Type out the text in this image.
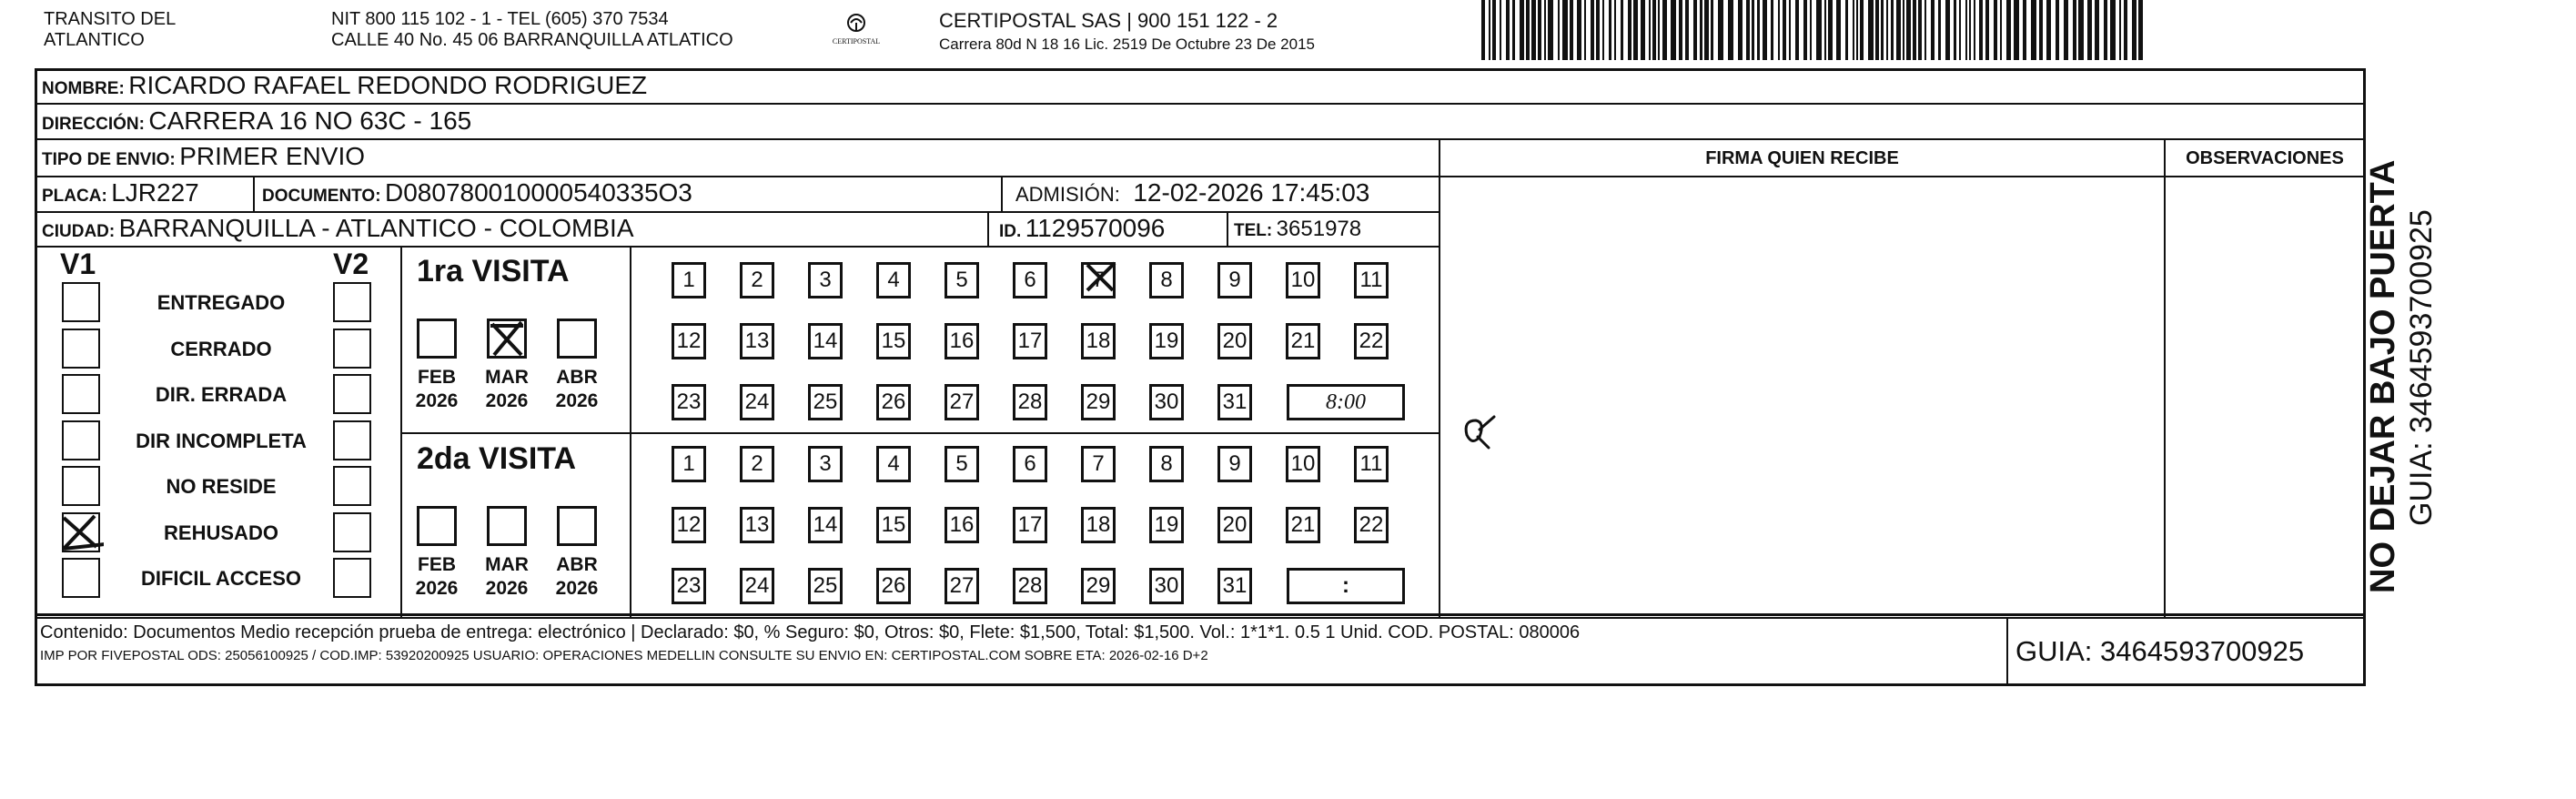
TRANSITO DEL
ATLANTICO
NIT 800 115 102 - 1 - TEL (605) 370 7534
CALLE 40 No. 45 06 BARRANQUILLA ATLATICO	CERTIPOSTAL
CERTIPOSTAL SAS | 900 151 122 - 2
Carrera 80d N 18 16 Lic. 2519 De Octubre 23 De 2015
NOMBRE: RICARDO RAFAEL REDONDO RODRIGUEZ
DIRECCIÓN: CARRERA 16 NO 63C - 165
TIPO DE ENVIO: PRIMER ENVIO
PLACA: LJR227	DOCUMENTO: D080780010000540335O3	ADMISIÓN: 12-02-2026 17:45:03
CIUDAD: BARRANQUILLA - ATLANTICO - COLOMBIA	ID. 1129570096	TEL: 3651978
FIRMA QUIEN RECIBE	OBSERVACIONES
V1	V2
ENTREGADO
CERRADO
DIR. ERRADA
DIR INCOMPLETA
NO RESIDE
REHUSADO
DIFICIL ACCESO
1ra VISITA
FEB
2026
MAR
2026
ABR
2026
1	2	3	4	5	6	7	8	9	10 11
12 13 14 15 16 17 18 19 20 21 22
23 24 25 26 27 28 29 30 31	8:00
2da VISITA
FEB
2026
MAR
2026
ABR
2026
1	2	3	4	5	6	7	8	9	10 11
12 13 14 15 16 17 18 19 20 21 22
23 24 25 26 27 28 29 30 31	:
Contenido: Documentos Medio recepción prueba de entrega: electrónico | Declarado: $0, % Seguro: $0, Otros: $0, Flete: $1,500, Total: $1,500. Vol.: 1*1*1. 0.5 1 Unid. COD. POSTAL: 080006
IMP POR FIVEPOSTAL ODS: 25056100925 / COD.IMP: 53920200925 USUARIO: OPERACIONES MEDELLIN CONSULTE SU ENVIO EN: CERTIPOSTAL.COM SOBRE ETA: 2026-02-16 D+2	GUIA: 3464593700925
NO DEJAR BAJO PUERTA GUIA: 3464593700925
